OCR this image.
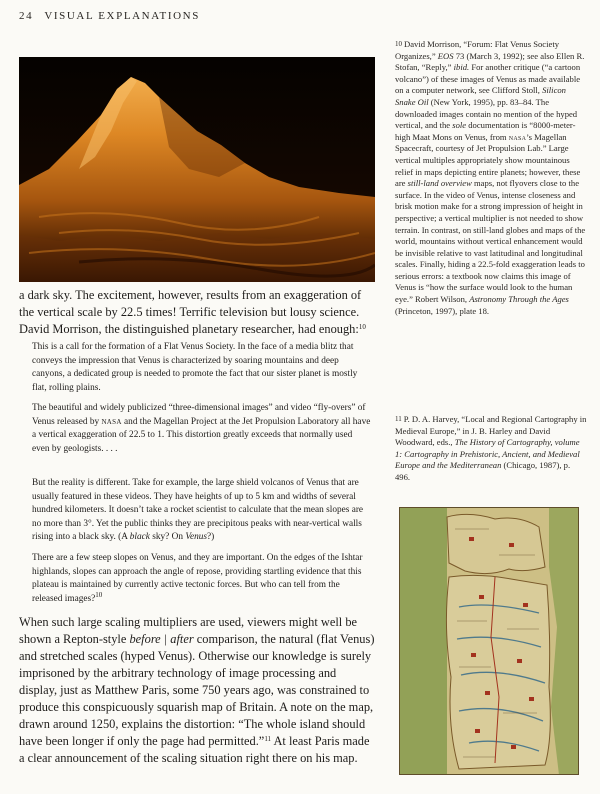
24 VISUAL EXPLANATIONS

a dark sky. The excitement, however, results from an exaggeration of the vertical scale by 22.5 times! Terrific television but lousy science. David Morrison, the distinguished planetary researcher, had enough:$^{10}$

This is a call for the formation of a Flat Venus Society. In the face of a media blitz that conveys the impression that Venus is characterized by soaring mountains and deep canyons, a dedicated group is needed to promote the fact that our sister planet is mostly flat, rolling plains.

The beautiful and widely publicized “three-dimensional images” and video “fly-overs” of Venus released by nasa and the Magellan Project at the Jet Propulsion Laboratory all have a vertical exaggeration of 22.5 to 1. This distortion greatly exceeds that normally used even by geologists. . . .

But the reality is different. Take for example, the large shield volcanos of Venus that are usually featured in these videos. They have heights of up to 5 km and widths of several hundred kilometers. It doesn’t take a rocket scientist to calculate that the mean slopes are no more than 3°. Yet the public thinks they are precipitous peaks with near-vertical walls rising into a black sky. (A black sky? On Venus?)

There are a few steep slopes on Venus, and they are important. On the edges of the Ishtar highlands, slopes can approach the angle of repose, providing startling evidence that this plateau is maintained by currently active tectonic forces. But who can tell from the released images?$^{10}$

When such large scaling multipliers are used, viewers might well be shown a Repton-style before | after comparison, the natural (flat Venus) and stretched scales (hyped Venus). Otherwise our knowledge is surely imprisoned by the arbitrary technology of image processing and display, just as Matthew Paris, some 750 years ago, was constrained to produce this conspicuously squarish map of Britain. A note on the map, drawn around 1250, explains the distortion: “The whole island should have been longer if only the page had permitted.”$^{11}$ At least Paris made a clear announcement of the scaling situation right there on his map.

10 David Morrison, “Forum: Flat Venus Society Organizes,” EOS 73 (March 3, 1992); see also Ellen R. Stofan, “Reply,” ibid. For another critique (“a cartoon volcano”) of these images of Venus as made available on a computer network, see Clifford Stoll, Silicon Snake Oil (New York, 1995), pp. 83–84. The downloaded images contain no mention of the hyped vertical, and the sole documentation is “8000-meter-high Maat Mons on Venus, from nasa’s Magellan Spacecraft, courtesy of Jet Propulsion Lab.” Large vertical multiples appropriately show mountainous relief in maps depicting entire planets; however, these are still-land overview maps, not flyovers close to the surface. In the video of Venus, intense closeness and brisk motion make for a strong impression of height in perspective; a vertical multiplier is not needed to show terrain. In contrast, on still-land globes and maps of the world, mountains without vertical enhancement would be invisible relative to vast latitudinal and longitudinal scales. Finally, hiding a 22.5-fold exaggeration leads to serious errors: a textbook now claims this image of Venus is “how the surface would look to the human eye.” Robert Wilson, Astronomy Through the Ages (Princeton, 1997), plate 18.

11 P. D. A. Harvey, “Local and Regional Cartography in Medieval Europe,” in J. B. Harley and David Woodward, eds., The History of Cartography, volume 1: Cartography in Prehistoric, Ancient, and Medieval Europe and the Mediterranean (Chicago, 1987), p. 496.
